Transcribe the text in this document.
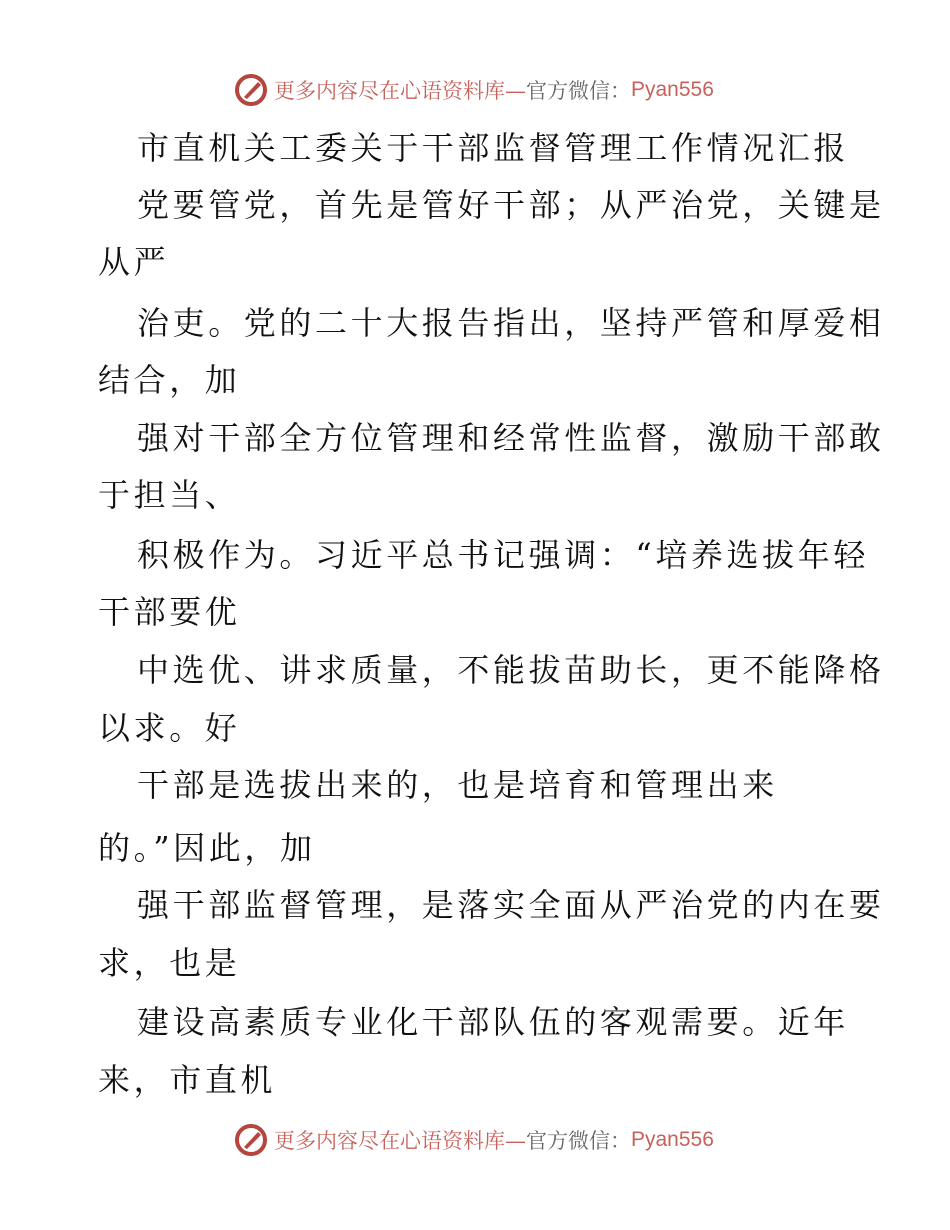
更多内容尽在心语资料库— 官方微信： Pyan556
市直机关工委关于干部监督管理工作情况汇报
党要管党，首先是管好干部；从严治党，关键是
从严
治吏。党的二十大报告指出，坚持严管和厚爱相
结合，加
强对干部全方位管理和经常性监督，激励干部敢
于担当、
积极作为。习近平总书记强调：“培养选拔年轻
干部要优
中选优、讲求质量，不能拔苗助长，更不能降格
以求。好
干部是选拔出来的，也是培育和管理出来
的。”因此，加
强干部监督管理，是落实全面从严治党的内在要
求，也是
建设高素质专业化干部队伍的客观需要。近年
来，市直机
更多内容尽在心语资料库— 官方微信： Pyan556
